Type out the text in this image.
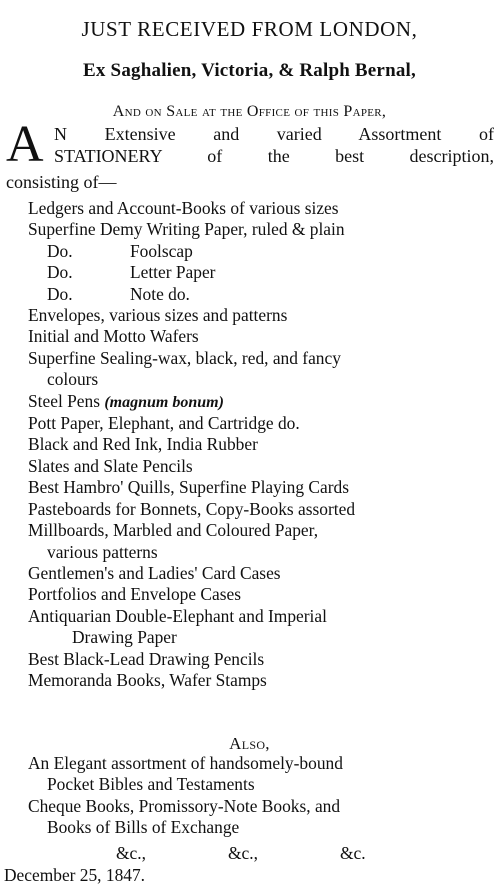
JUST RECEIVED FROM LONDON,
Ex Saghalien, Victoria, & Ralph Bernal,
And on Sale at the Office of this Paper,
A N Extensive and varied Assortment of
STATIONERY of the best description,
consisting of—
Ledgers and Account-Books of various sizes
Superfine Demy Writing Paper, ruled & plain
Do.	Foolscap
Do.	Letter Paper
Do.	Note do.
Envelopes, various sizes and patterns
Initial and Motto Wafers
Superfine Sealing-wax, black, red, and fancy
colours
Steel Pens (magnum bonum)
Pott Paper, Elephant, and Cartridge do.
Black and Red Ink, India Rubber
Slates and Slate Pencils
Best Hambro' Quills, Superfine Playing Cards
Pasteboards for Bonnets, Copy-Books assorted
Millboards, Marbled and Coloured Paper,
various patterns
Gentlemen's and Ladies' Card Cases
Portfolios and Envelope Cases
Antiquarian Double-Elephant and Imperial
Drawing Paper
Best Black-Lead Drawing Pencils
Memoranda Books, Wafer Stamps
Also,
An Elegant assortment of handsomely-bound
Pocket Bibles and Testaments
Cheque Books, Promissory-Note Books, and
Books of Bills of Exchange
&c.,	&c.,	&c.
December 25, 1847.
